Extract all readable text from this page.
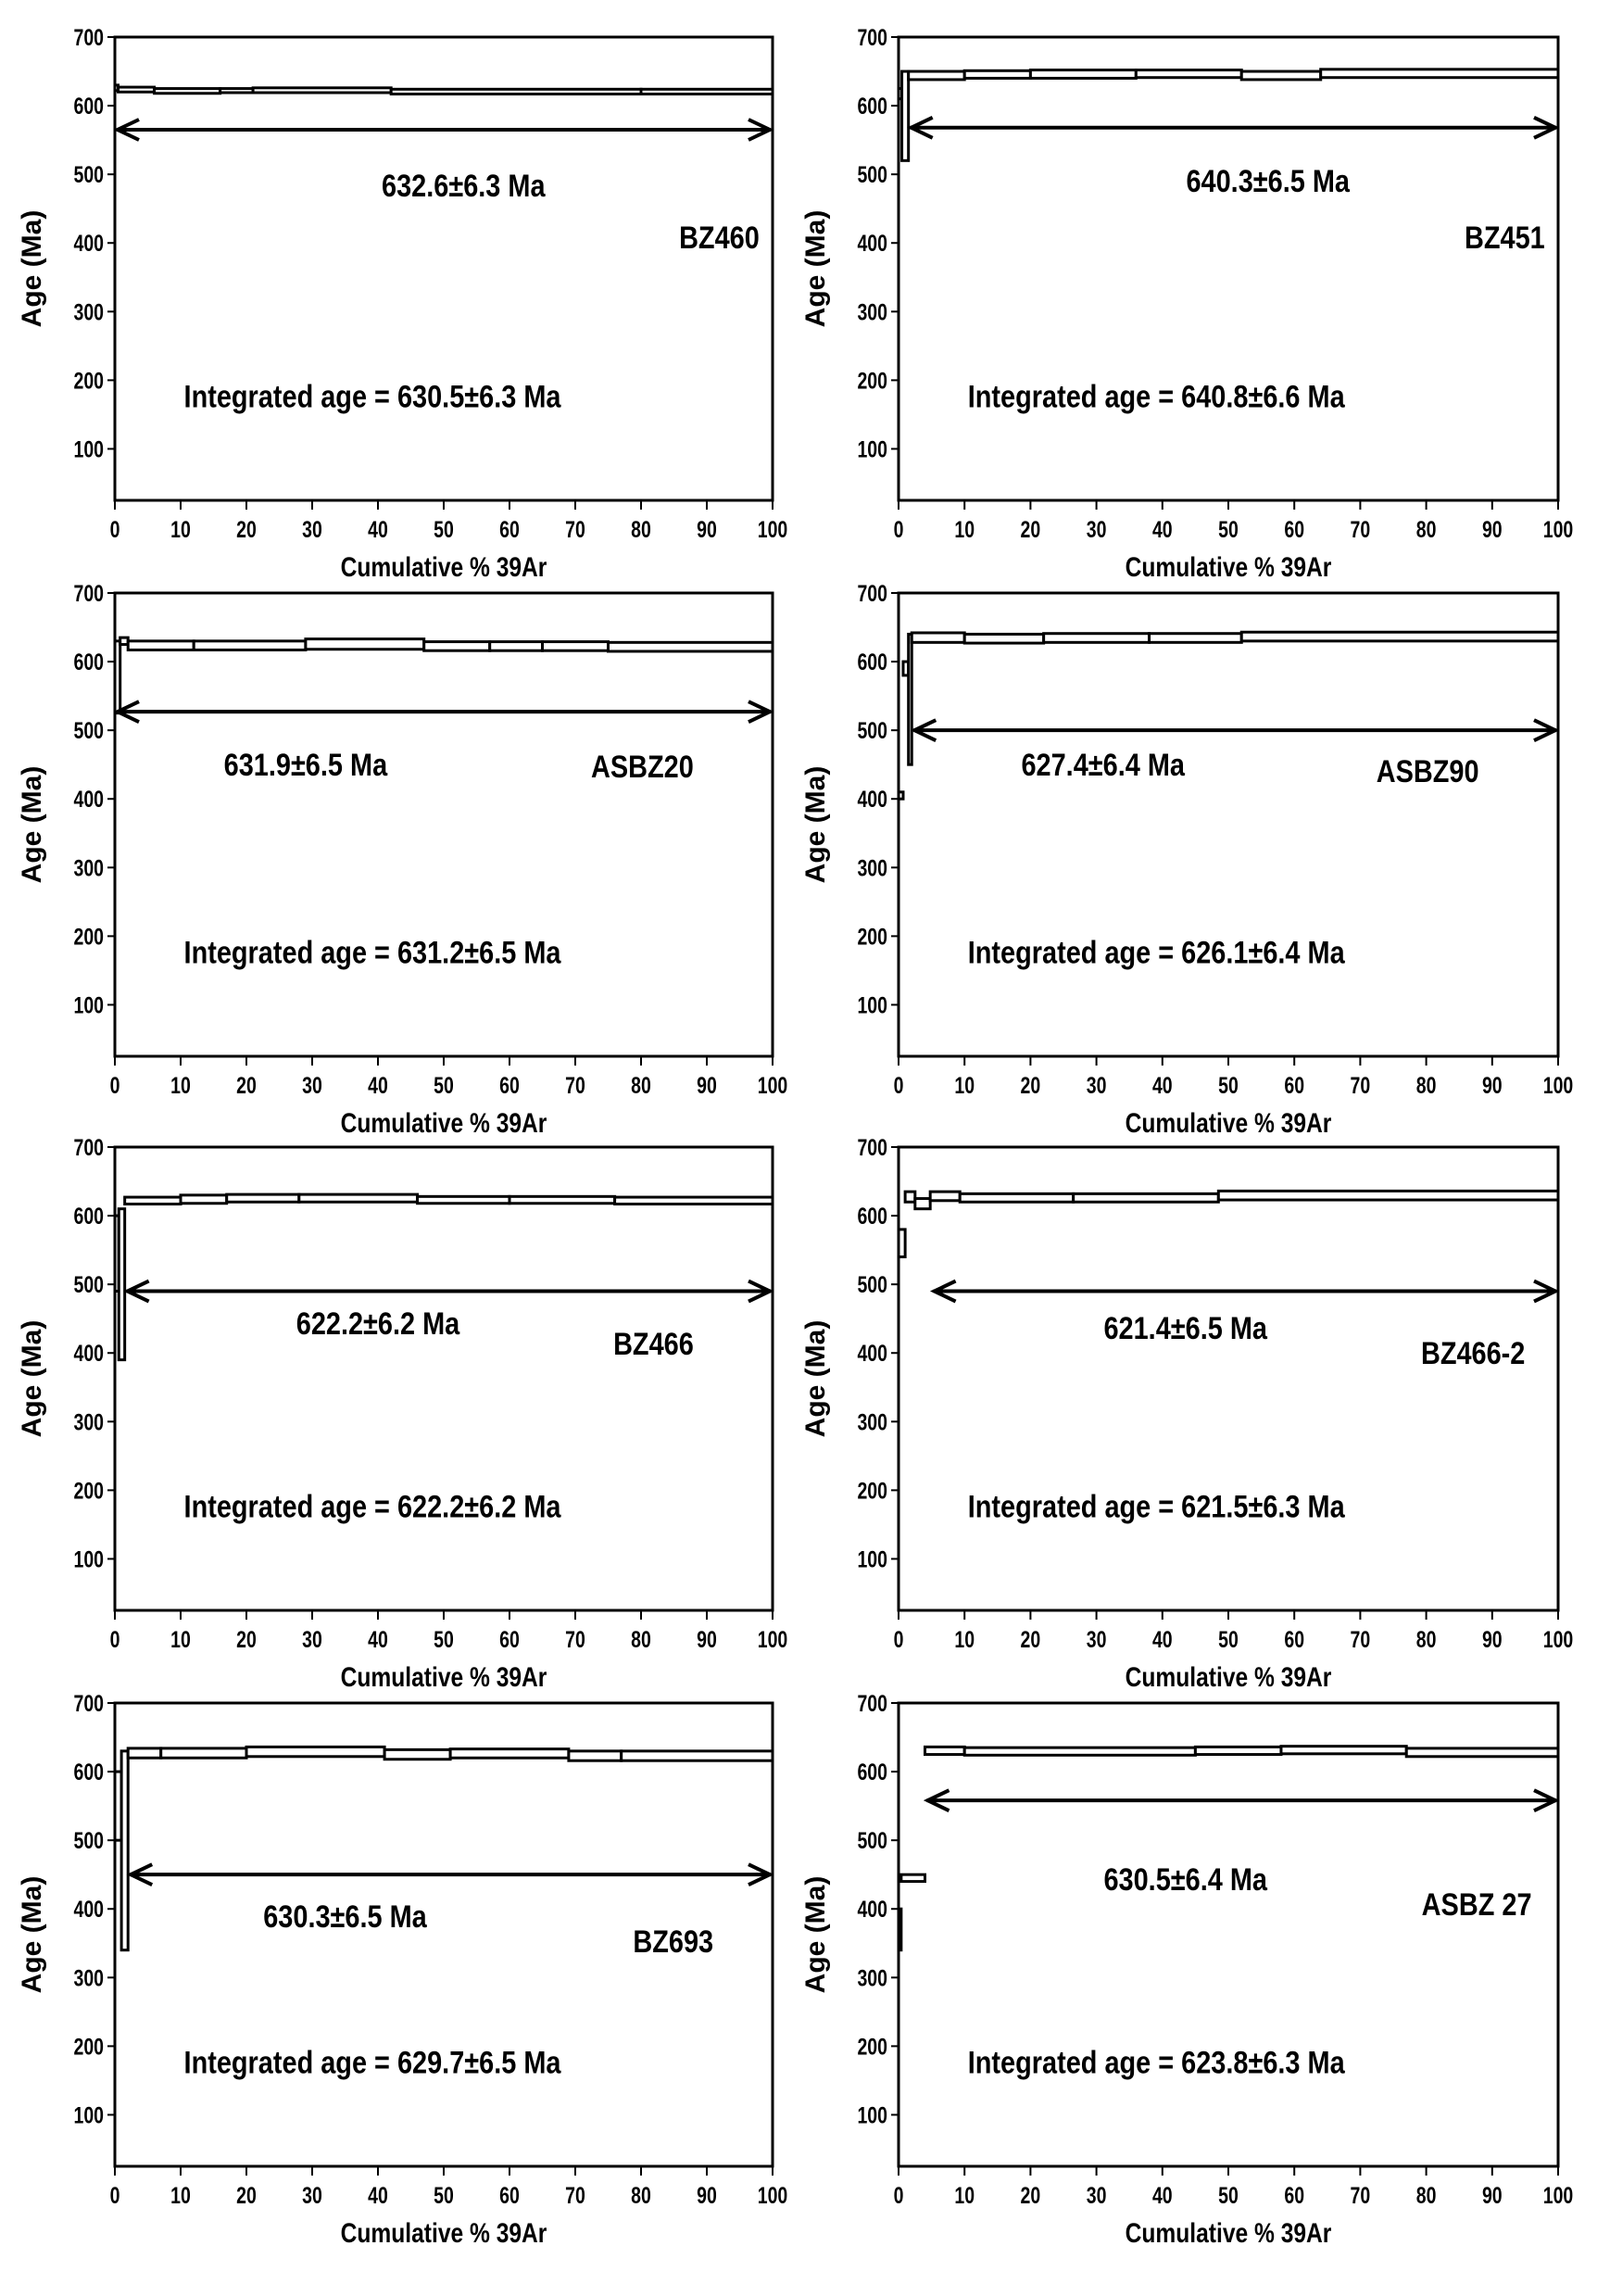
100
200
300
400
500
600
700
0 10 20 30 40 50 60 70 80 90 100
Cumulative % 39Ar
Age (Ma)
632.6±6.3 Ma
BZ460
Integrated age = 630.5±6.3 Ma
100
200
300
400
500
600
700
0 10 20 30 40 50 60 70 80 90 100
Cumulative % 39Ar
Age (Ma)
640.3±6.5 Ma
BZ451
Integrated age = 640.8±6.6 Ma
100
200
300
400
500
600
700
0 10 20 30 40 50 60 70 80 90 100
Cumulative % 39Ar
Age (Ma)
631.9±6.5 Ma	ASBZ20
Integrated age = 631.2±6.5 Ma
100
200
300
400
500
600
700
0 10 20 30 40 50 60 70 80 90 100
Cumulative % 39Ar
Age (Ma)
627.4±6.4 Ma	ASBZ90
Integrated age = 626.1±6.4 Ma
100
200
300
400
500
600
700
0 10 20 30 40 50 60 70 80 90 100
Cumulative % 39Ar
Age (Ma)	622.2±6.2 Ma
BZ466
Integrated age = 622.2±6.2 Ma
100
200
300
400
500
600
700
0 10 20 30 40 50 60 70 80 90 100
Cumulative % 39Ar
Age (Ma)	621.4±6.5 Ma
BZ466-2
Integrated age = 621.5±6.3 Ma
100
200
300
400
500
600
700
0 10 20 30 40 50 60 70 80 90 100
Cumulative % 39Ar
Age (Ma)	630.3±6.5 Ma
BZ693
Integrated age = 629.7±6.5 Ma
100
200
300
400
500
600
700
0 10 20 30 40 50 60 70 80 90 100
Cumulative % 39Ar
Age (Ma)	630.5±6.4 Ma
ASBZ 27
Integrated age = 623.8±6.3 Ma
